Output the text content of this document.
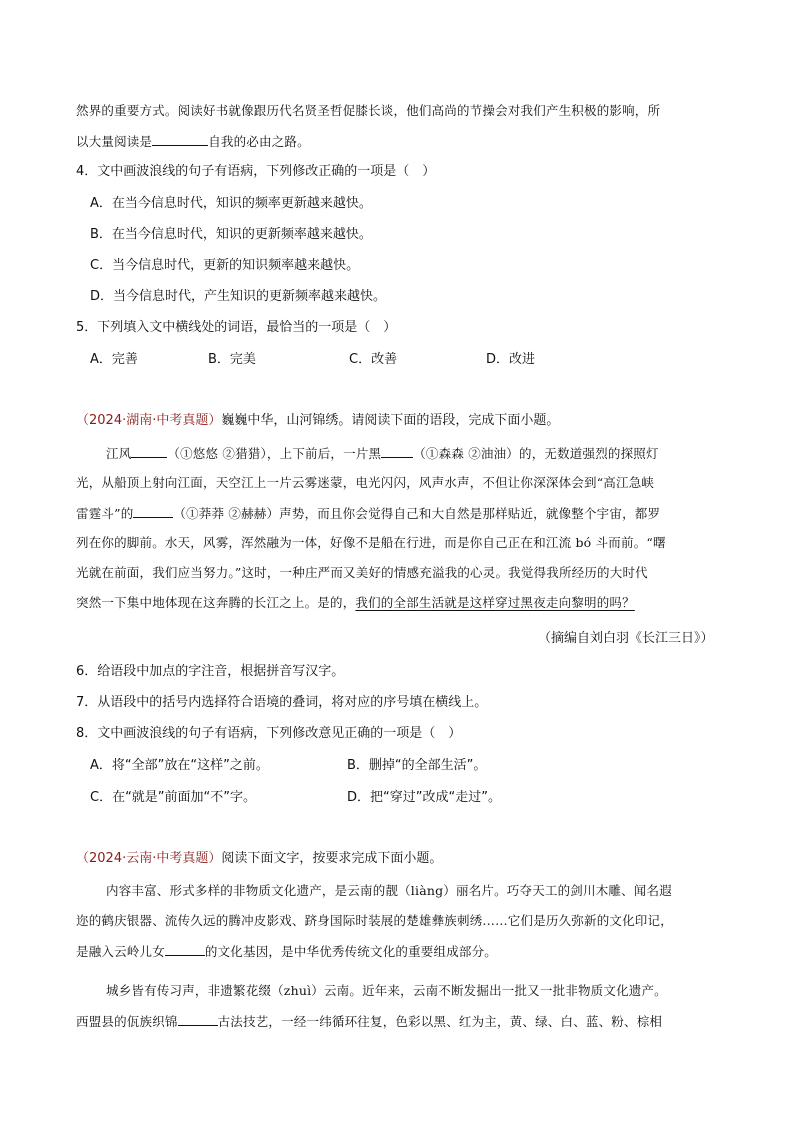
然界的重要方式。阅读好书就像跟历代名贤圣哲促膝长谈，他们高尚的节操会对我们产生积极的影响，所
以大量阅读是	自我的必由之路。
4．文中画波浪线的句子有语病，下列修改正确的一项是（　）
A．在当今信息时代，知识的频率更新越来越快。
B．在当今信息时代，知识的更新频率越来越快。
C．当今信息时代，更新的知识频率越来越快。
D．当今信息时代，产生知识的更新频率越来越快。
5．下列填入文中横线处的词语，最恰当的一项是（　）
A．完善	B．完美	C．改善	D．改进
（2024·湖南·中考真题）巍巍中华，山河锦绣。请阅读下面的语段，完成下面小题。
江风	（①悠悠 ②猎猎），上下前后，一片黑	（①森森 ②油油）的，无数道强烈的探照灯
光，从船顶上射向江面，天空江上一片云雾迷蒙，电光闪闪，风声水声，不但让你深深体会到“高江急峡
雷霆斗”的	（①莽莽 ②赫赫）声势，而且你会觉得自己和大自然是那样贴近，就像整个宇宙，都罗
列在你的脚前。水天，风雾，浑然融为一体，好像不是船在行进，而是你自己正在和江流 bó 斗而前。“曙
光就在前面，我们应当努力。”这时，一种庄严而又美好的情感充溢我的心灵。我觉得我所经历的大时代
突然一下集中地体现在这奔腾的长江之上。是的，我们的全部生活就是这样穿过黑夜走向黎明的吗？
（摘编自刘白羽《长江三日》）
6．给语段中加点的字注音，根据拼音写汉字。
7．从语段中的括号内选择符合语境的叠词，将对应的序号填在横线上。
8．文中画波浪线的句子有语病，下列修改意见正确的一项是（　）
A．将“全部”放在“这样”之前。	B．删掉“的全部生活”。
C．在“就是”前面加“不”字。	D．把“穿过”改成“走过”。
（2024·云南·中考真题）阅读下面文字，按要求完成下面小题。
内容丰富、形式多样的非物质文化遗产，是云南的靓（liàng）丽名片。巧夺天工的剑川木雕、闻名遐
迩的鹤庆银器、流传久远的腾冲皮影戏、跻身国际时装展的楚雄彝族刺绣……它们是历久弥新的文化印记，
是融入云岭儿女	的文化基因，是中华优秀传统文化的重要组成部分。
城乡皆有传习声，非遗繁花缀（zhuì）云南。近年来，云南不断发掘出一批又一批非物质文化遗产。
西盟县的佤族织锦	古法技艺，一经一纬循环往复，色彩以黑、红为主，黄、绿、白、蓝、粉、棕相
